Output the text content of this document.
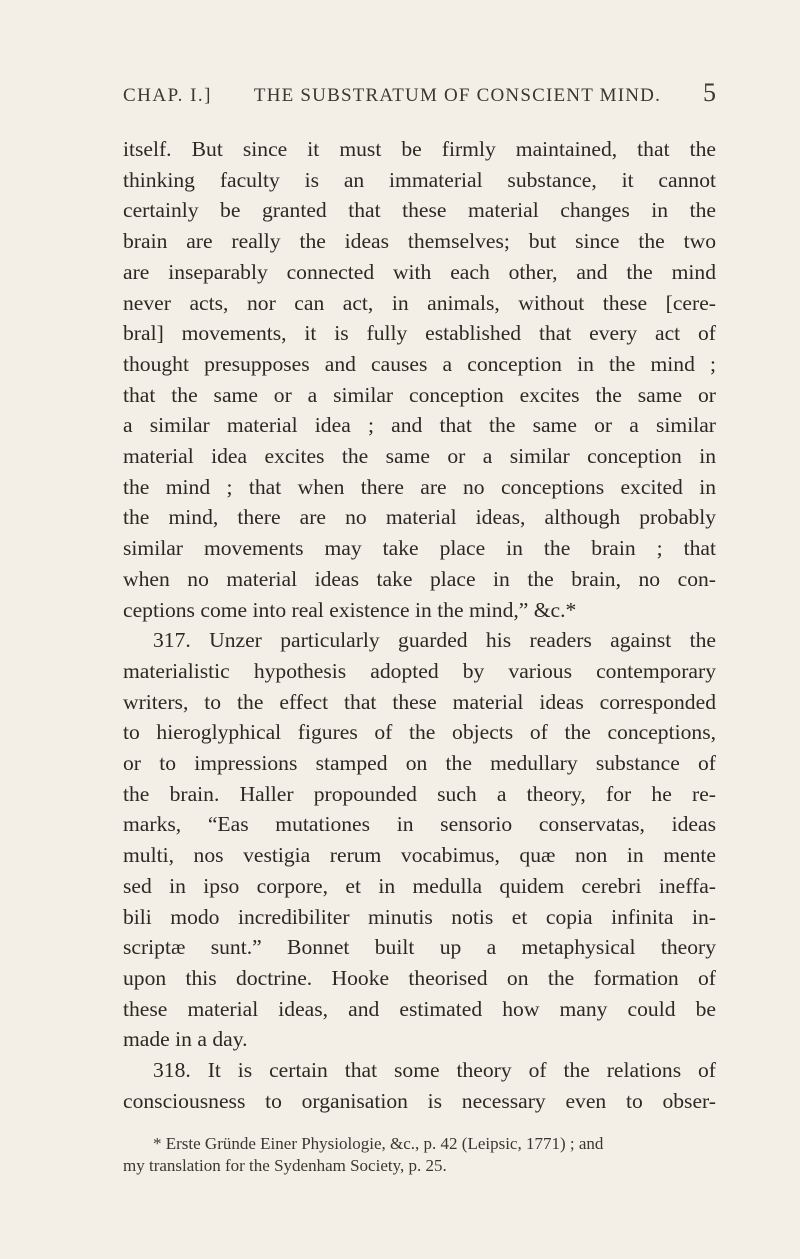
CHAP. I.]	THE SUBSTRATUM OF CONSCIENT MIND.	5
itself. But since it must be firmly maintained, that the
thinking faculty is an immaterial substance, it cannot
certainly be granted that these material changes in the
brain are really the ideas themselves; but since the two
are inseparably connected with each other, and the mind
never acts, nor can act, in animals, without these [cere-
bral] movements, it is fully established that every act of
thought presupposes and causes a conception in the mind ;
that the same or a similar conception excites the same or
a similar material idea ; and that the same or a similar
material idea excites the same or a similar conception in
the mind ; that when there are no conceptions excited in
the mind, there are no material ideas, although probably
similar movements may take place in the brain ; that
when no material ideas take place in the brain, no con-
ceptions come into real existence in the mind,” &c.*
317. Unzer particularly guarded his readers against the
materialistic hypothesis adopted by various contemporary
writers, to the effect that these material ideas corresponded
to hieroglyphical figures of the objects of the conceptions,
or to impressions stamped on the medullary substance of
the brain. Haller propounded such a theory, for he re-
marks, “Eas mutationes in sensorio conservatas, ideas
multi, nos vestigia rerum vocabimus, quæ non in mente
sed in ipso corpore, et in medulla quidem cerebri ineffa-
bili modo incredibiliter minutis notis et copia infinita in-
scriptæ sunt.” Bonnet built up a metaphysical theory
upon this doctrine. Hooke theorised on the formation of
these material ideas, and estimated how many could be
made in a day.
318. It is certain that some theory of the relations of
consciousness to organisation is necessary even to obser-
* Erste Gründe Einer Physiologie, &c., p. 42 (Leipsic, 1771) ; and
my translation for the Sydenham Society, p. 25.
